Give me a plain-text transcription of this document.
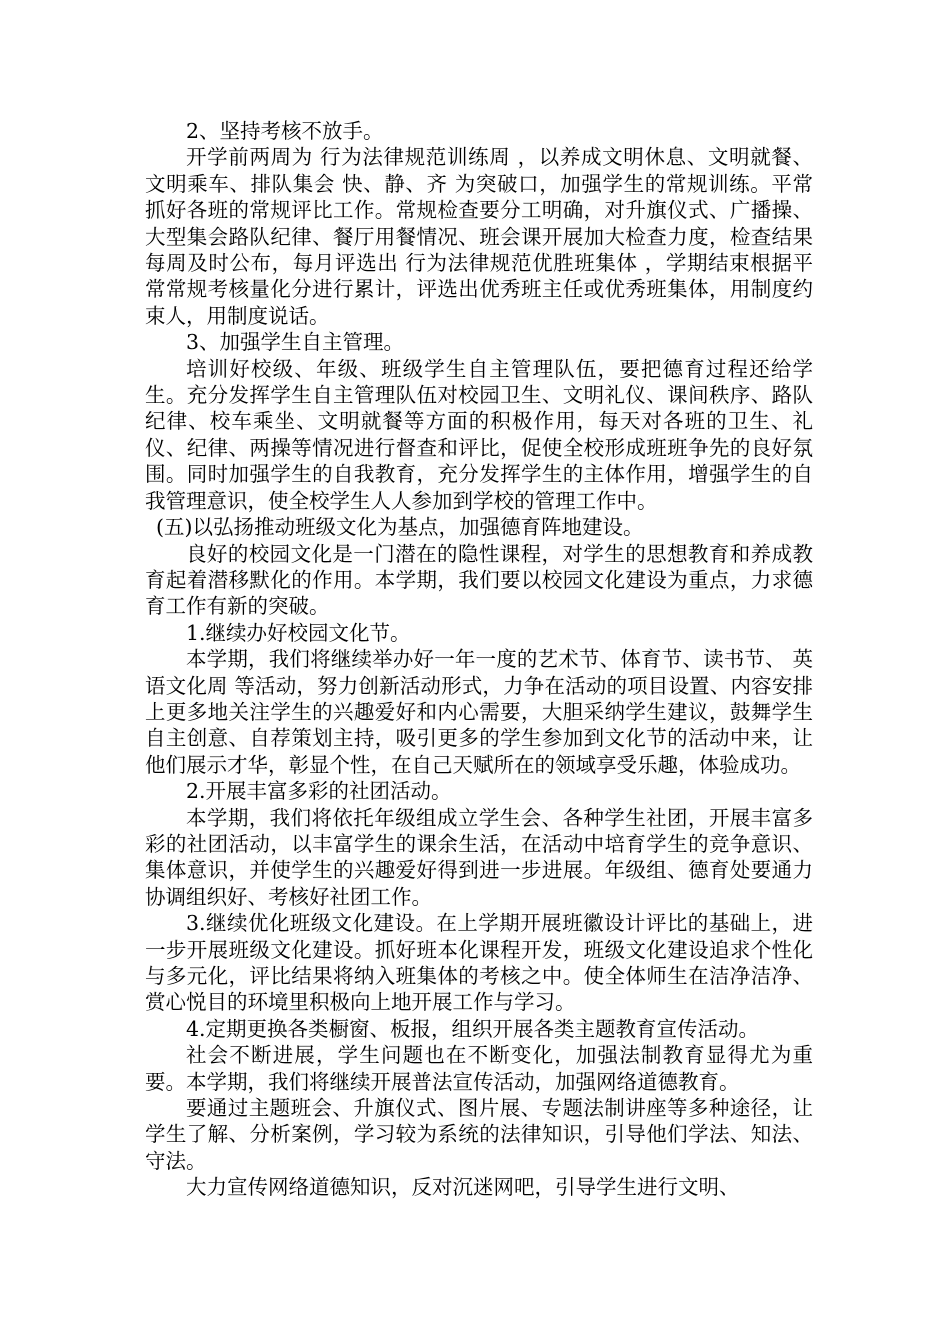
2、坚持考核不放手。

开学前两周为 行为法律规范训练周 ，以养成文明休息、文明就餐、文明乘车、排队集会 快、静、齐 为突破口，加强学生的常规训练。平常抓好各班的常规评比工作。常规检查要分工明确，对升旗仪式、广播操、大型集会路队纪律、餐厅用餐情况、班会课开展加大检查力度，检查结果每周及时公布，每月评选出 行为法律规范优胜班集体 ，学期结束根据平常常规考核量化分进行累计，评选出优秀班主任或优秀班集体，用制度约束人，用制度说话。

3、加强学生自主管理。

培训好校级、年级、班级学生自主管理队伍，要把德育过程还给学生。充分发挥学生自主管理队伍对校园卫生、文明礼仪、课间秩序、路队纪律、校车乘坐、文明就餐等方面的积极作用，每天对各班的卫生、礼仪、纪律、两操等情况进行督查和评比，促使全校形成班班争先的良好氛围。同时加强学生的自我教育，充分发挥学生的主体作用，增强学生的自我管理意识，使全校学生人人参加到学校的管理工作中。

(五)以弘扬推动班级文化为基点，加强德育阵地建设。

良好的校园文化是一门潜在的隐性课程，对学生的思想教育和养成教育起着潜移默化的作用。本学期，我们要以校园文化建设为重点，力求德育工作有新的突破。

1.继续办好校园文化节。

本学期，我们将继续举办好一年一度的艺术节、体育节、读书节、 英语文化周 等活动，努力创新活动形式，力争在活动的项目设置、内容安排上更多地关注学生的兴趣爱好和内心需要，大胆采纳学生建议，鼓舞学生自主创意、自荐策划主持，吸引更多的学生参加到文化节的活动中来，让他们展示才华，彰显个性，在自己天赋所在的领域享受乐趣，体验成功。

2.开展丰富多彩的社团活动。

本学期，我们将依托年级组成立学生会、各种学生社团，开展丰富多彩的社团活动，以丰富学生的课余生活，在活动中培育学生的竞争意识、集体意识，并使学生的兴趣爱好得到进一步进展。年级组、德育处要通力协调组织好、考核好社团工作。

3.继续优化班级文化建设。在上学期开展班徽设计评比的基础上，进一步开展班级文化建设。抓好班本化课程开发，班级文化建设追求个性化与多元化，评比结果将纳入班集体的考核之中。使全体师生在洁净洁净、赏心悦目的环境里积极向上地开展工作与学习。

4.定期更换各类橱窗、板报，组织开展各类主题教育宣传活动。

社会不断进展，学生问题也在不断变化，加强法制教育显得尤为重要。本学期，我们将继续开展普法宣传活动，加强网络道德教育。

要通过主题班会、升旗仪式、图片展、专题法制讲座等多种途径，让学生了解、分析案例，学习较为系统的法律知识，引导他们学法、知法、守法。

大力宣传网络道德知识，反对沉迷网吧，引导学生进行文明、
